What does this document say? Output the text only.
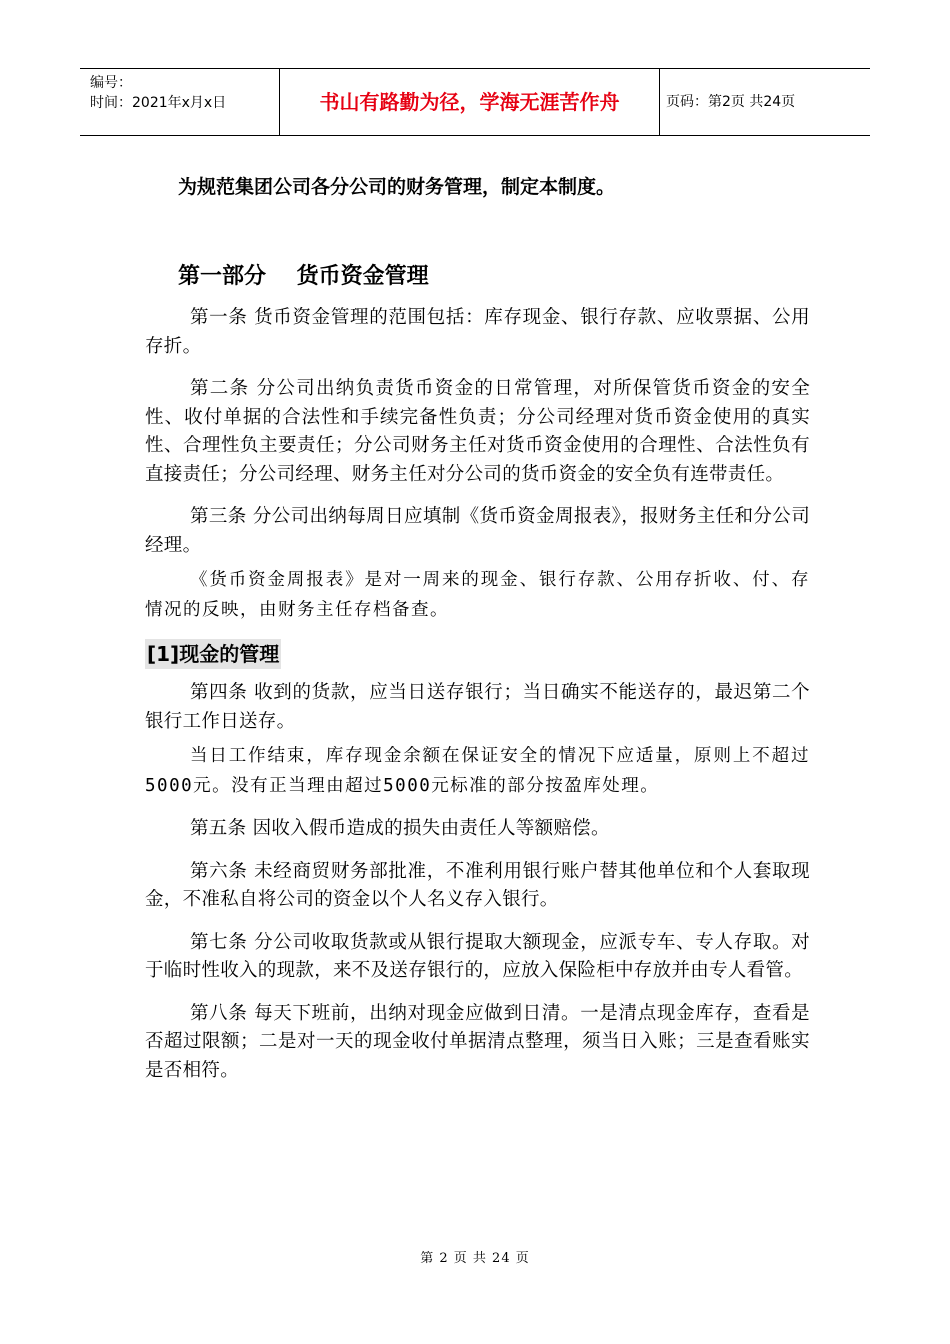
编号：
时间：2021年x月x日	书山有路勤为径，学海无涯苦作舟	页码：第2页 共24页
为规范集团公司各分公司的财务管理，制定本制度。
第一部分    货币资金管理

第一条 货币资金管理的范围包括：库存现金、银行存款、应收票据、公用存折。

第二条 分公司出纳负责货币资金的日常管理，对所保管货币资金的安全性、收付单据的合法性和手续完备性负责；分公司经理对货币资金使用的真实性、合理性负主要责任；分公司财务主任对货币资金使用的合理性、合法性负有直接责任；分公司经理、财务主任对分公司的货币资金的安全负有连带责任。

第三条 分公司出纳每周日应填制《货币资金周报表》，报财务主任和分公司经理。

《货币资金周报表》是对一周来的现金、银行存款、公用存折收、付、存情况的反映，由财务主任存档备查。

[1]现金的管理

第四条 收到的货款，应当日送存银行；当日确实不能送存的，最迟第二个银行工作日送存。

当日工作结束，库存现金余额在保证安全的情况下应适量，原则上不超过5000元。没有正当理由超过5000元标准的部分按盈库处理。

第五条 因收入假币造成的损失由责任人等额赔偿。

第六条 未经商贸财务部批准，不准利用银行账户替其他单位和个人套取现金，不准私自将公司的资金以个人名义存入银行。

第七条 分公司收取货款或从银行提取大额现金，应派专车、专人存取。对于临时性收入的现款，来不及送存银行的，应放入保险柜中存放并由专人看管。

第八条 每天下班前，出纳对现金应做到日清。一是清点现金库存，查看是否超过限额；二是对一天的现金收付单据清点整理，须当日入账；三是查看账实是否相符。

第 2 页 共 24 页
